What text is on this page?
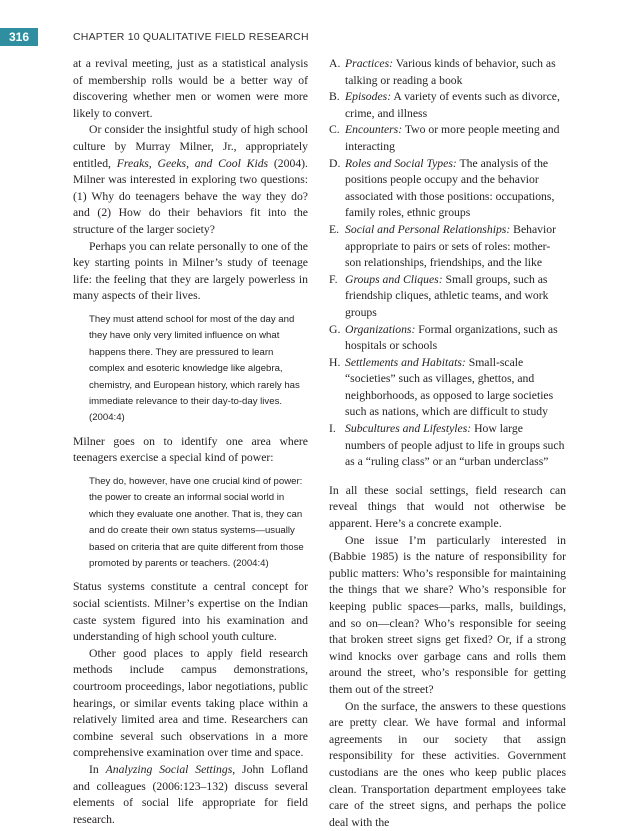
316	CHAPTER 10 QUALITATIVE FIELD RESEARCH

at a revival meeting, just as a statistical analysis of membership rolls would be a better way of discovering whether men or women were more likely to convert.

Or consider the insightful study of high school culture by Murray Milner, Jr., appropriately entitled, Freaks, Geeks, and Cool Kids (2004). Milner was interested in exploring two questions: (1) Why do teenagers behave the way they do? and (2) How do their behaviors fit into the structure of the larger society?

Perhaps you can relate personally to one of the key starting points in Milner’s study of teenage life: the feeling that they are largely powerless in many aspects of their lives.

They must attend school for most of the day and they have only very limited influence on what happens there. They are pressured to learn complex and esoteric knowledge like algebra, chemistry, and European history, which rarely has immediate relevance to their day-to-day lives. (2004:4)

Milner goes on to identify one area where teenagers exercise a special kind of power:

They do, however, have one crucial kind of power: the power to create an informal social world in which they evaluate one another. That is, they can and do create their own status systems—usually based on criteria that are quite different from those promoted by parents or teachers. (2004:4)

Status systems constitute a central concept for social scientists. Milner’s expertise on the Indian caste system figured into his examination and understanding of high school youth culture.

Other good places to apply field research methods include campus demonstrations, courtroom proceedings, labor negotiations, public hearings, or similar events taking place within a relatively limited area and time. Researchers can combine several such observations in a more comprehensive examination over time and space.

In Analyzing Social Settings, John Lofland and colleagues (2006:123–132) discuss several elements of social life appropriate for field research.

A. Practices: Various kinds of behavior, such as talking or reading a book
B. Episodes: A variety of events such as divorce, crime, and illness
C. Encounters: Two or more people meeting and interacting
D. Roles and Social Types: The analysis of the positions people occupy and the behavior associated with those positions: occupations, family roles, ethnic groups
E. Social and Personal Relationships: Behavior appropriate to pairs or sets of roles: mother-son relationships, friendships, and the like
F. Groups and Cliques: Small groups, such as friendship cliques, athletic teams, and work groups
G. Organizations: Formal organizations, such as hospitals or schools
H. Settlements and Habitats: Small-scale “societies” such as villages, ghettos, and neighborhoods, as opposed to large societies such as nations, which are difficult to study
I. Subcultures and Lifestyles: How large numbers of people adjust to life in groups such as a “ruling class” or an “urban underclass”

In all these social settings, field research can reveal things that would not otherwise be apparent. Here’s a concrete example.

One issue I’m particularly interested in (Babbie 1985) is the nature of responsibility for public matters: Who’s responsible for maintaining the things that we share? Who’s responsible for keeping public spaces—parks, malls, buildings, and so on—clean? Who’s responsible for seeing that broken street signs get fixed? Or, if a strong wind knocks over garbage cans and rolls them around the street, who’s responsible for getting them out of the street?

On the surface, the answers to these questions are pretty clear. We have formal and informal agreements in our society that assign responsibility for these activities. Government custodians are the ones who keep public places clean. Transportation department employees take care of the street signs, and perhaps the police deal with the
